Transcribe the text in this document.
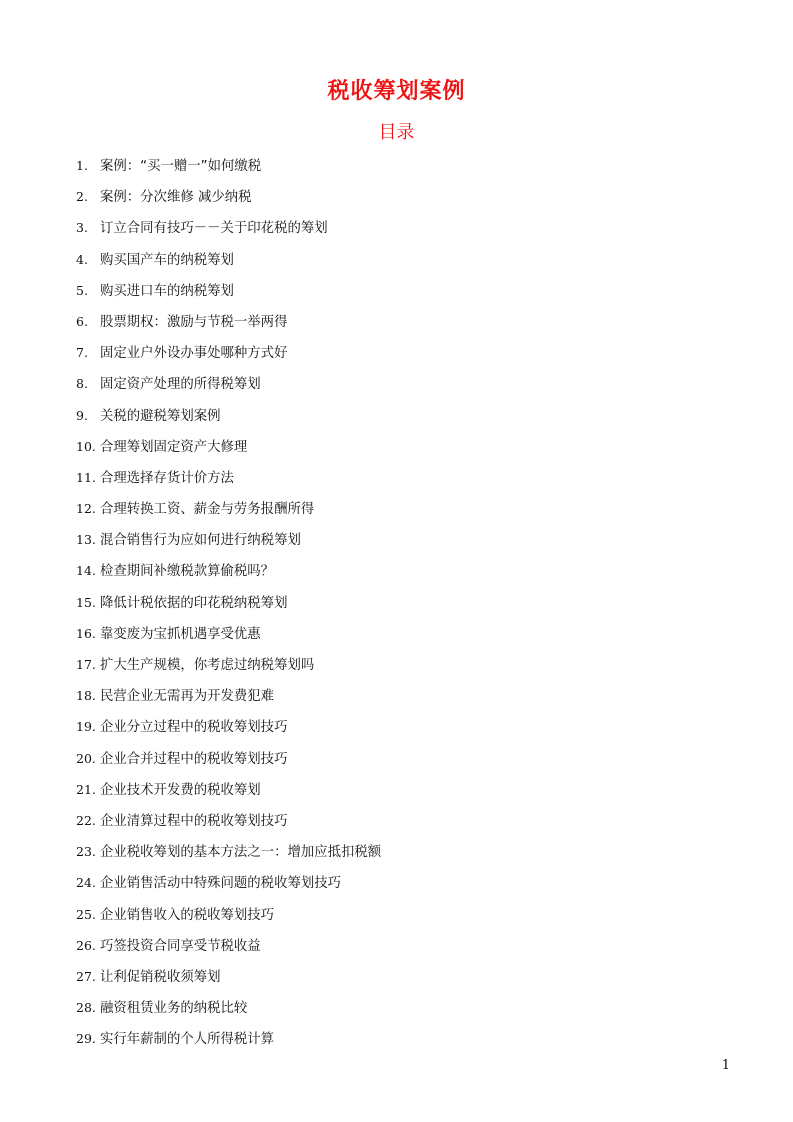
税收筹划案例
目录
1. 案例：“买一赠一”如何缴税
2. 案例：分次维修 减少纳税
3. 订立合同有技巧－－关于印花税的筹划
4. 购买国产车的纳税筹划
5. 购买进口车的纳税筹划
6. 股票期权：激励与节税一举两得
7. 固定业户外设办事处哪种方式好
8. 固定资产处理的所得税筹划
9. 关税的避税筹划案例
10. 合理筹划固定资产大修理
11. 合理选择存货计价方法
12. 合理转换工资、薪金与劳务报酬所得
13. 混合销售行为应如何进行纳税筹划
14. 检查期间补缴税款算偷税吗？
15. 降低计税依据的印花税纳税筹划
16. 靠变废为宝抓机遇享受优惠
17. 扩大生产规模，你考虑过纳税筹划吗
18. 民营企业无需再为开发费犯难
19. 企业分立过程中的税收筹划技巧
20. 企业合并过程中的税收筹划技巧
21. 企业技术开发费的税收筹划
22. 企业清算过程中的税收筹划技巧
23. 企业税收筹划的基本方法之一：增加应抵扣税额
24. 企业销售活动中特殊问题的税收筹划技巧
25. 企业销售收入的税收筹划技巧
26. 巧签投资合同享受节税收益
27. 让利促销税收须筹划
28. 融资租赁业务的纳税比较
29. 实行年薪制的个人所得税计算
1
